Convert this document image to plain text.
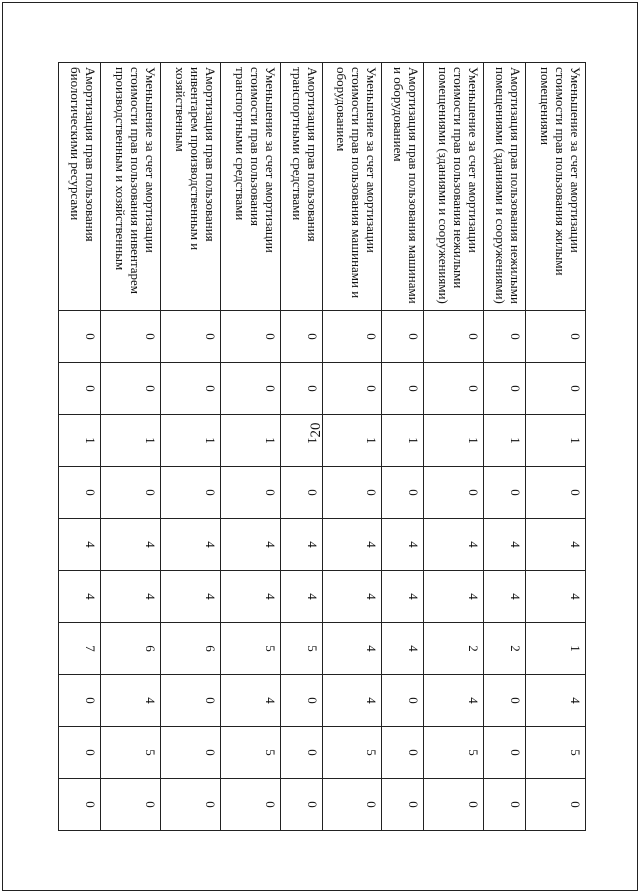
20
Уменьшение за счет амортизации стоимости прав пользования жилыми помещениями	0	0	1	0	4	4	1	4	5	0
Амортизация прав пользования нежилыми помещениями (зданиями и сооружениями)	0	0	1	0	4	4	2	0	0	0
Уменьшение за счет амортизации стоимости прав пользования нежилыми помещениями (зданиями и сооружениями)	0	0	1	0	4	4	2	4	5	0
Амортизация прав пользования машинами и оборудованием	0	0	1	0	4	4	4	0	0	0
Уменьшение за счет амортизации стоимости прав пользования машинами и оборудованием	0	0	1	0	4	4	4	4	5	0
Амортизация прав пользования транспортными средствами	0	0	1	0	4	4	5	0	0	0
Уменьшение за счет амортизации стоимости прав пользования транспортными средствами	0	0	1	0	4	4	5	4	5	0
Амортизация прав пользования инвентарем производственным и хозяйственным	0	0	1	0	4	4	6	0	0	0
Уменьшение за счет амортизации стоимости прав пользования инвентарем производственным и хозяйственным	0	0	1	0	4	4	6	4	5	0
Амортизация прав пользования биологическими ресурсами	0	0	1	0	4	4	7	0	0	0
